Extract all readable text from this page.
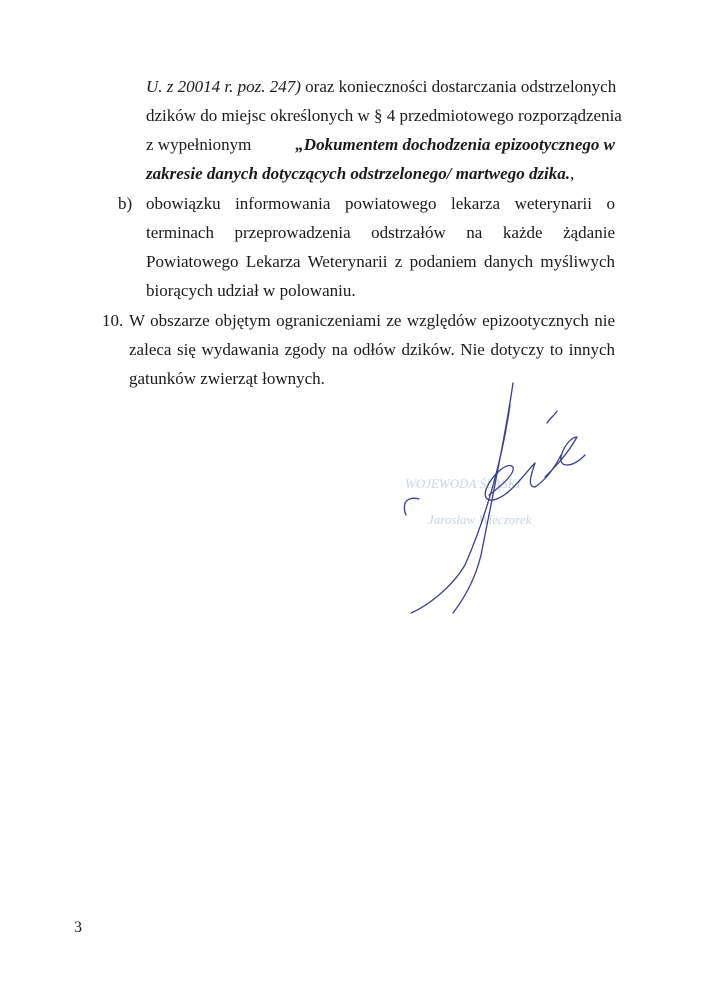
U. z 20014 r. poz. 247) oraz konieczności dostarczania odstrzelonych
dzików do miejsc określonych w § 4 przedmiotowego rozporządzenia
z wypełnionym	„Dokumentem dochodzenia epizootycznego w
zakresie danych dotyczących odstrzelonego/ martwego dzika.,
b) obowiązku informowania powiatowego lekarza weterynarii o
terminach przeprowadzenia odstrzałów na każde żądanie
Powiatowego Lekarza Weterynarii z podaniem danych myśliwych
biorących udział w polowaniu.
10. W obszarze objętym ograniczeniami ze względów epizootycznych nie
zaleca się wydawania zgody na odłów dzików. Nie dotyczy to innych
gatunków zwierząt łownych.
WOJEWODA ŚLĄSKI
Jarosław Wieczorek
3
